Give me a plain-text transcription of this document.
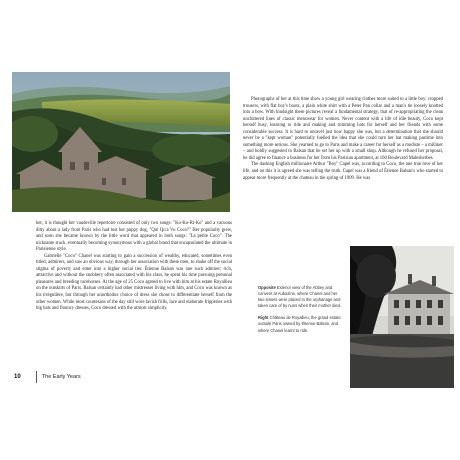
her, it is thought her vaudeville repertoire consisted of only two songs: "Ko-Ko-Ri-Ko" and a vacuous ditty about a lady from Paris who had lost her puppy dog, "Qui Qu'a Vu Coco?" Her popularity grew, and soon she became known by the little word that appeared in both songs: "La petite Coco". The nickname stuck, eventually becoming synonymous with a global brand that encapsulated the ultimate in Parisienne style.

Gabrielle "Coco" Chanel was starting to gain a succession of wealthy, educated, sometimes even titled, admirers, and saw an obvious way, through her association with these men, to shake off the social stigma of poverty and enter into a higher social tier. Étienne Balsan was one such admirer; rich, attractive and without the snobbery often associated with his class, he spent his time pursuing personal pleasures and breeding racehorses. At the age of 25 Coco agreed to live with him at his estate Royallieu on the outskirts of Paris. Balsan certainly had other mistresses living with him, and Coco was known as his irrégulière, but through her unorthodox choice of dress she chose to differentiate herself from the other women. While most courtesans of the day still wore lavish frills, lace and elaborate fripperies with big hats and flouncy dresses, Coco dressed with the utmost simplicity.

Photographs of her at this time show a young girl wearing clothes more suited to a little boy: cropped trousers, with flat boy's boots, a plain white shirt with a Peter Pan collar and a man's tie loosely knotted into a bow. With hindsight these pictures reveal a fundamental strategy, that of re-appropriating the clean uncluttered lines of classic menswear for women. Never content with a life of idle beauty, Coco kept herself busy, learning to ride and making and trimming hats for herself and her friends with some considerable success. It is hard to unravel just how happy she was, but a determination that she should never be a "kept woman" potentially fuelled the idea that she could turn her hat making pastime into something more serious. She yearned to go to Paris and make a career for herself as a modiste – a milliner – and boldly suggested to Balsan that he set her up with a small shop. Although he refused her proposal, he did agree to finance a business for her from his Parisian apartment, at 160 Boulevard Malesherbes.

The dashing English millionaire Arthur "Boy" Capel was, according to Coco, the one true love of her life, and on this it is agreed she was telling the truth. Capel was a friend of Étienne Balsan's who started to appear more frequently at the chateau in the spring of 1909. He was

Opposite Exterior view of the Abbey and convent at Aubazine, where Chanel and her two sisters were placed in the orphanage and taken care of by nuns when their mother died.

Right Château de Royallieu, the grand estate outside Paris owned by Étienne Balsan, and where Chanel learnt to ride.

10	The Early Years
